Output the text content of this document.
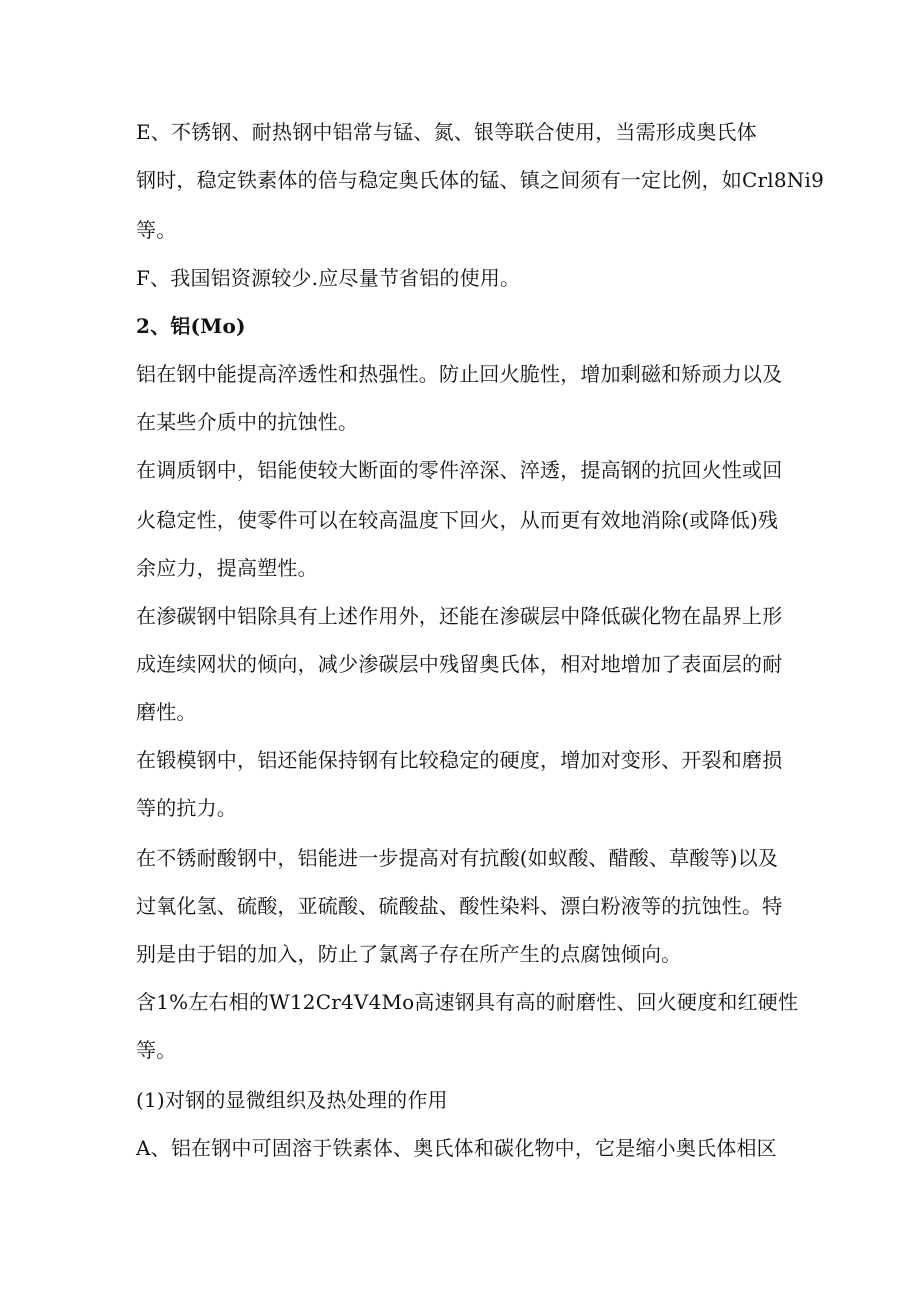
E、不锈钢、耐热钢中铝常与锰、氮、银等联合使用，当需形成奥氏体
钢时，稳定铁素体的倍与稳定奥氏体的锰、镇之间须有一定比例，如Crl8Ni9
等。
F、我国铝资源较少.应尽量节省铝的使用。
2、铝(Mo)
铝在钢中能提高淬透性和热强性。防止回火脆性，增加剩磁和矫顽力以及
在某些介质中的抗蚀性。
在调质钢中，铝能使较大断面的零件淬深、淬透，提高钢的抗回火性或回
火稳定性，使零件可以在较高温度下回火，从而更有效地消除(或降低)残
余应力，提高塑性。
在渗碳钢中铝除具有上述作用外，还能在渗碳层中降低碳化物在晶界上形
成连续网状的倾向，减少渗碳层中残留奥氏体，相对地增加了表面层的耐
磨性。
在锻模钢中，铝还能保持钢有比较稳定的硬度，增加对变形、开裂和磨损
等的抗力。
在不锈耐酸钢中，铝能进一步提高对有抗酸(如蚁酸、醋酸、草酸等)以及
过氧化氢、硫酸，亚硫酸、硫酸盐、酸性染料、漂白粉液等的抗蚀性。特
别是由于铝的加入，防止了氯离子存在所产生的点腐蚀倾向。
含1%左右相的W12Cr4V4Mo高速钢具有高的耐磨性、回火硬度和红硬性
等。
(1)对钢的显微组织及热处理的作用
A、铝在钢中可固溶于铁素体、奥氏体和碳化物中，它是缩小奥氏体相区
